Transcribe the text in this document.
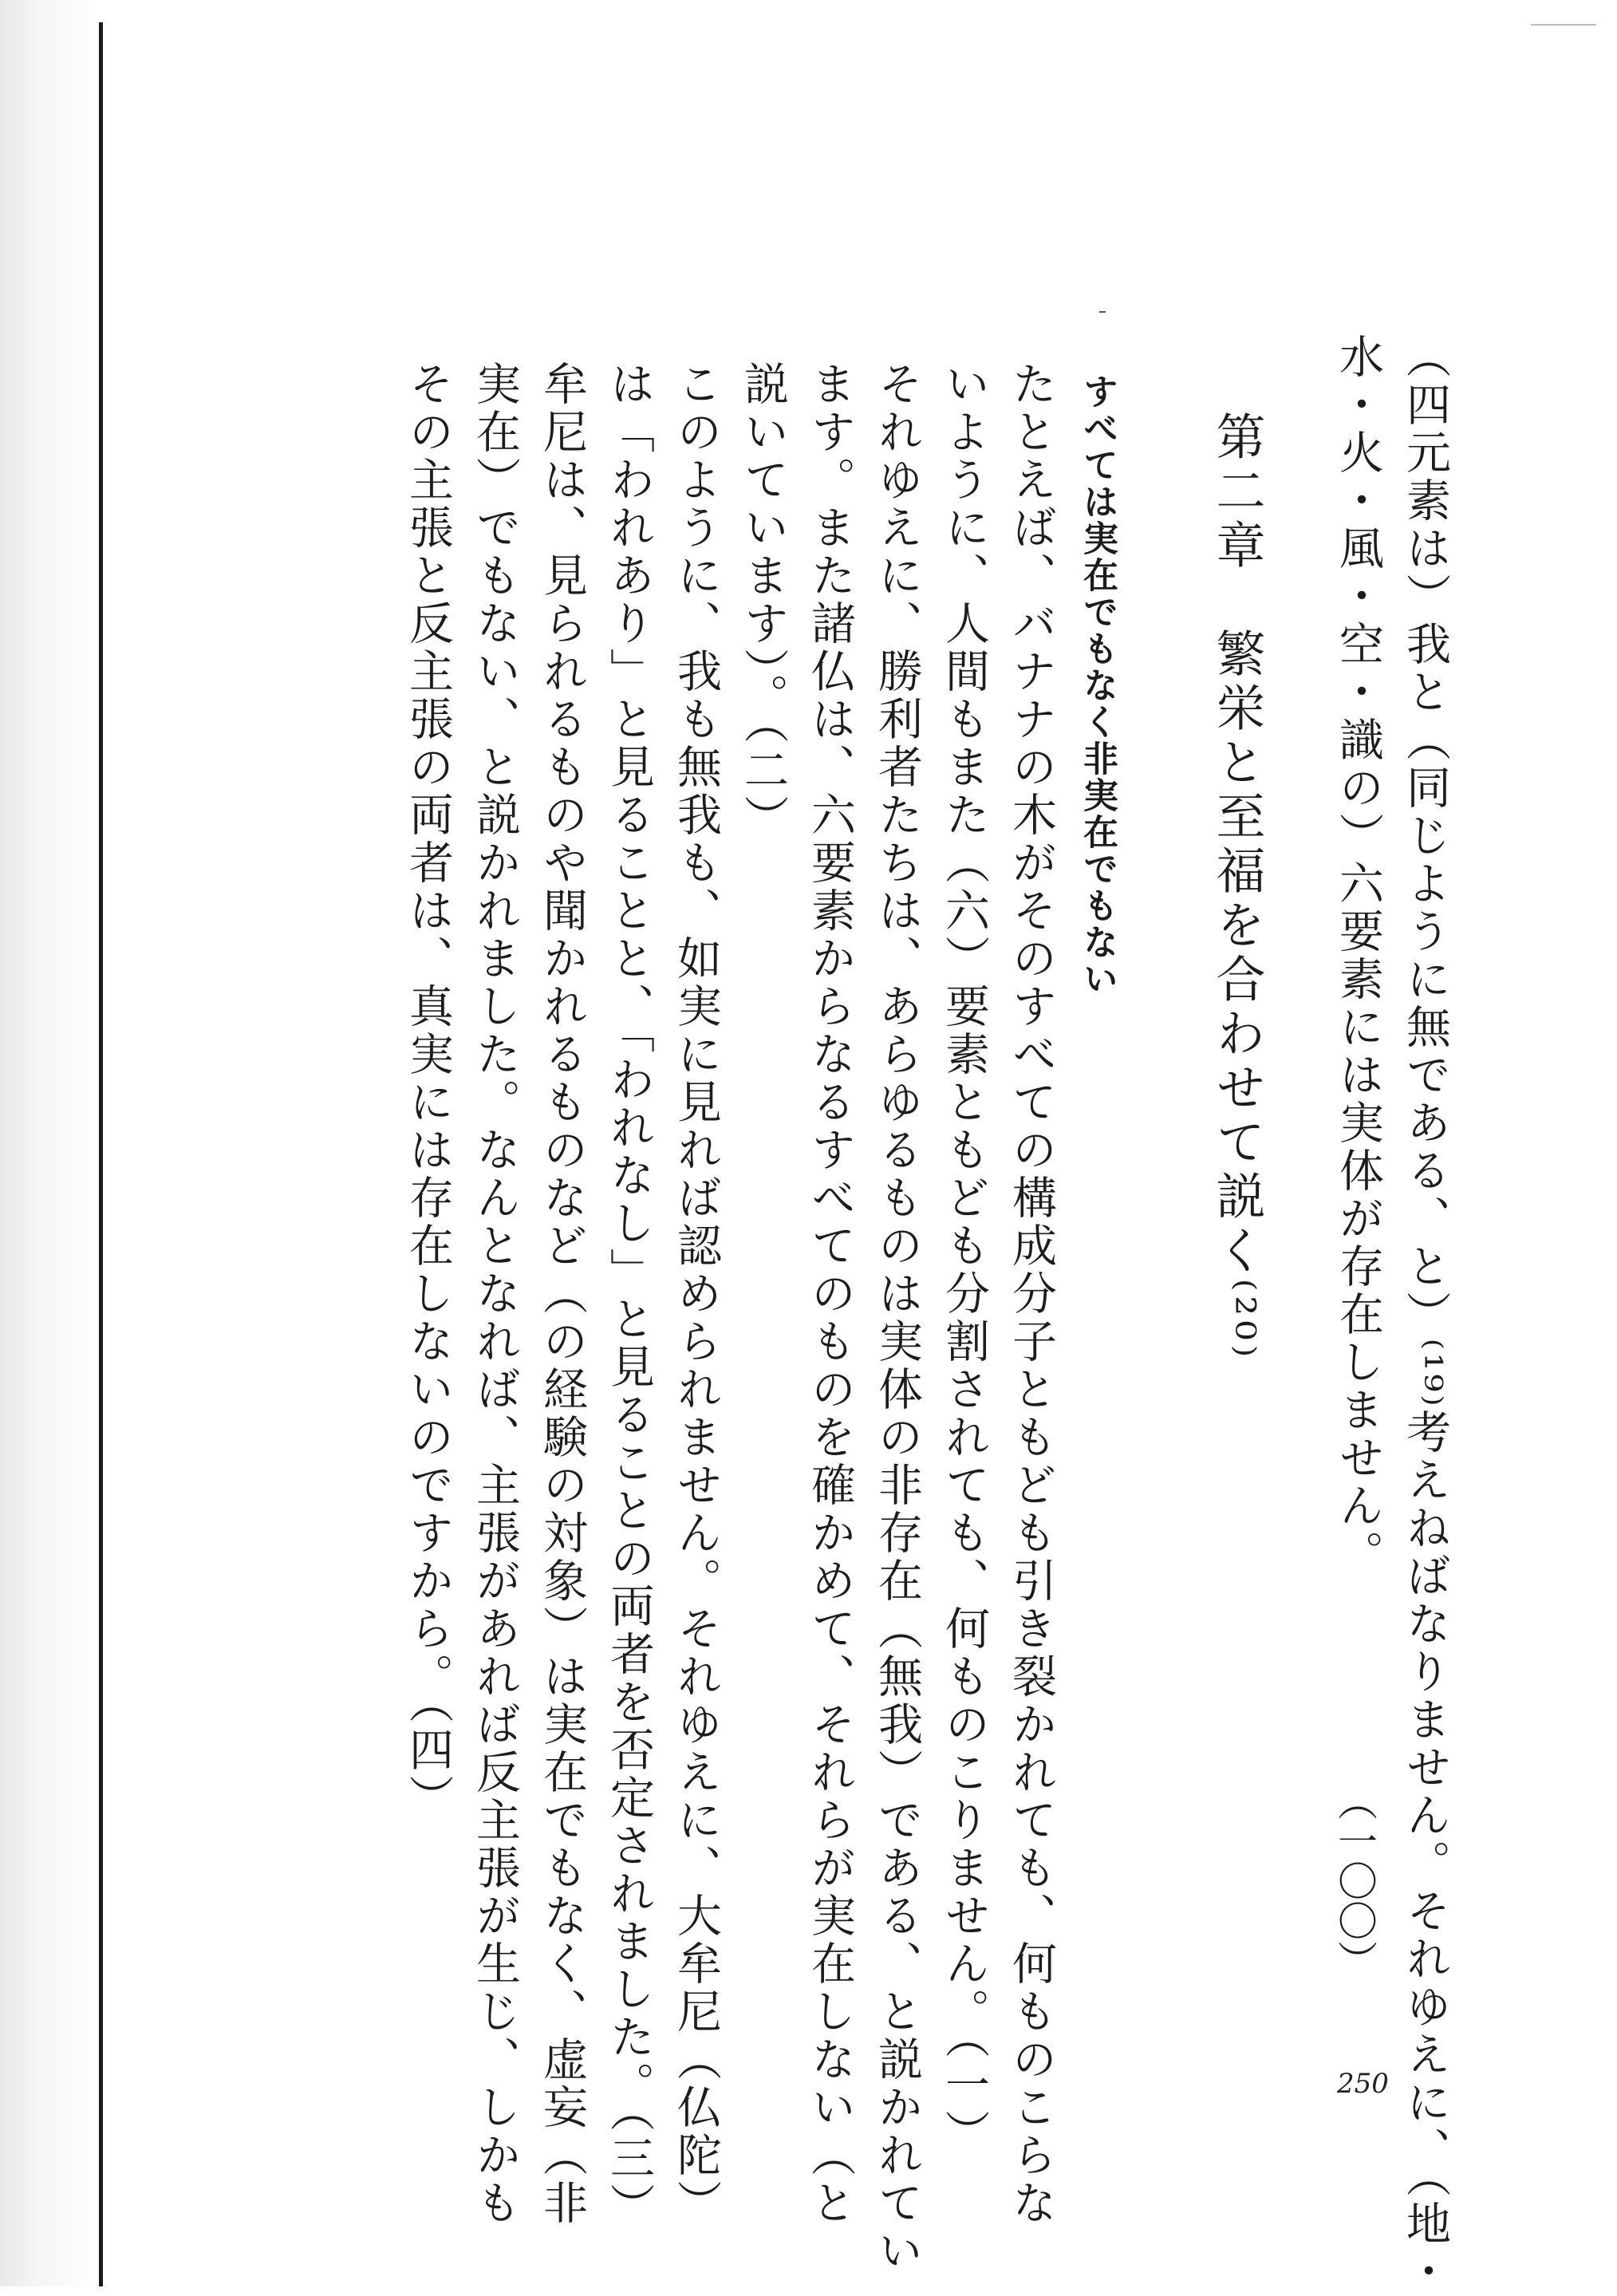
（四元素は）我と（同じように無である、と）⁽¹⁹⁾考えねばなりません。それゆえに、（地・
水・火・風・空・識の）六要素には実体が存在しません。
（一〇〇）
第二章　繁栄と至福を合わせて説く⁽²⁰⁾
すべては実在でもなく非実在でもない
たとえば、バナナの木がそのすべての構成分子ともども引き裂かれても、何ものこらな
いように、人間もまた（六）要素ともども分割されても、何ものこりません。（一）
それゆえに、勝利者たちは、あらゆるものは実体の非存在（無我）である、と説かれてい
ます。また諸仏は、六要素からなるすべてのものを確かめて、それらが実在しない（と
説いています）。（二）
このように、我も無我も、如実に見れば認められません。それゆえに、大牟尼（仏陀）
は「われあり」と見ることと、「われなし」と見ることの両者を否定されました。（三）
牟尼は、見られるものや聞かれるものなど（の経験の対象）は実在でもなく、虚妄（非
実在）でもない、と説かれました。なんとなれば、主張があれば反主張が生じ、しかも
その主張と反主張の両者は、真実には存在しないのですから。（四）
250
